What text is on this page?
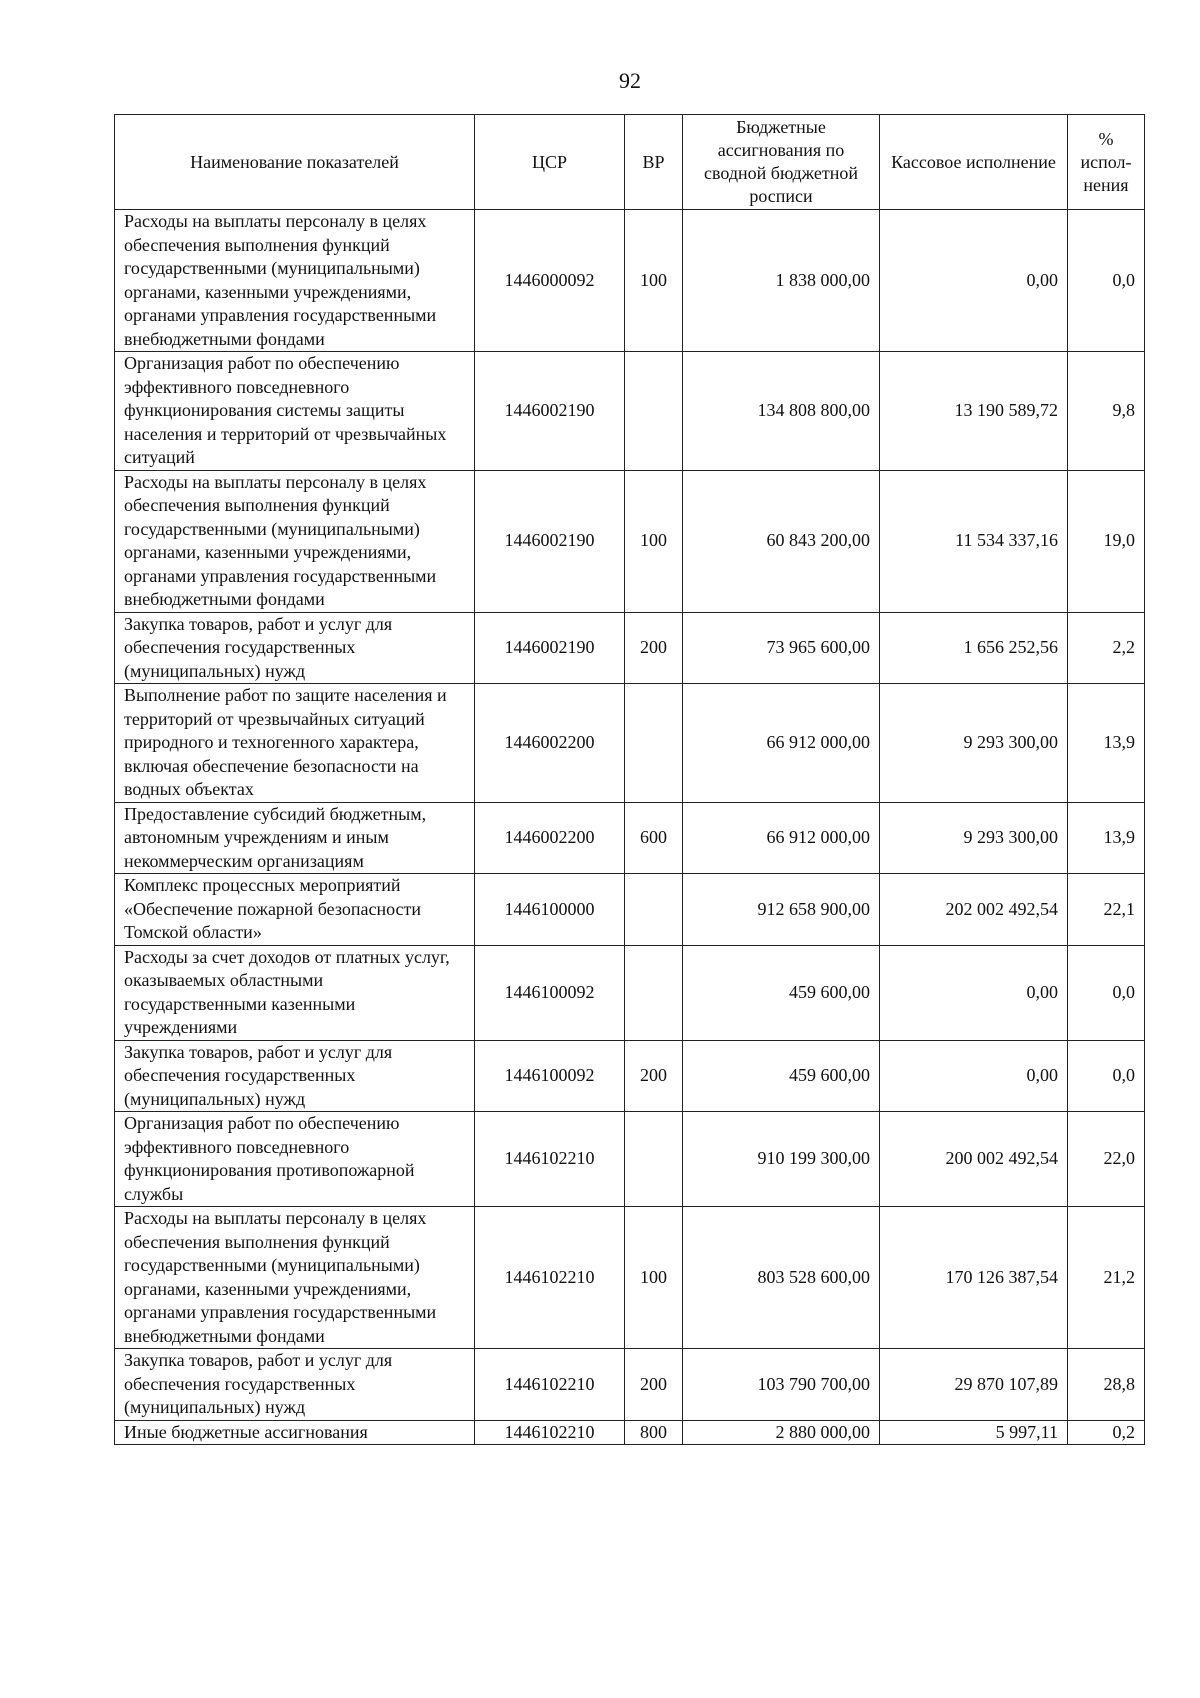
92
Наименование показателей	ЦСР	ВР	Бюджетные ассигнования по сводной бюджетной росписи	Кассовое исполнение	% испол-нения
Расходы на выплаты персоналу в целях обеспечения выполнения функций государственными (муниципальными) органами, казенными учреждениями, органами управления государственными внебюджетными фондами	1446000092	100	1 838 000,00	0,00	0,0
Организация работ по обеспечению эффективного повседневного функционирования системы защиты населения и территорий от чрезвычайных ситуаций	1446002190		134 808 800,00	13 190 589,72	9,8
Расходы на выплаты персоналу в целях обеспечения выполнения функций государственными (муниципальными) органами, казенными учреждениями, органами управления государственными внебюджетными фондами	1446002190	100	60 843 200,00	11 534 337,16	19,0
Закупка товаров, работ и услуг для обеспечения государственных (муниципальных) нужд	1446002190	200	73 965 600,00	1 656 252,56	2,2
Выполнение работ по защите населения и территорий от чрезвычайных ситуаций природного и техногенного характера, включая обеспечение безопасности на водных объектах	1446002200		66 912 000,00	9 293 300,00	13,9
Предоставление субсидий бюджетным, автономным учреждениям и иным некоммерческим организациям	1446002200	600	66 912 000,00	9 293 300,00	13,9
Комплекс процессных мероприятий «Обеспечение пожарной безопасности Томской области»	1446100000		912 658 900,00	202 002 492,54	22,1
Расходы за счет доходов от платных услуг, оказываемых областными государственными казенными учреждениями	1446100092		459 600,00	0,00	0,0
Закупка товаров, работ и услуг для обеспечения государственных (муниципальных) нужд	1446100092	200	459 600,00	0,00	0,0
Организация работ по обеспечению эффективного повседневного функционирования противопожарной службы	1446102210		910 199 300,00	200 002 492,54	22,0
Расходы на выплаты персоналу в целях обеспечения выполнения функций государственными (муниципальными) органами, казенными учреждениями, органами управления государственными внебюджетными фондами	1446102210	100	803 528 600,00	170 126 387,54	21,2
Закупка товаров, работ и услуг для обеспечения государственных (муниципальных) нужд	1446102210	200	103 790 700,00	29 870 107,89	28,8
Иные бюджетные ассигнования	1446102210	800	2 880 000,00	5 997,11	0,2
